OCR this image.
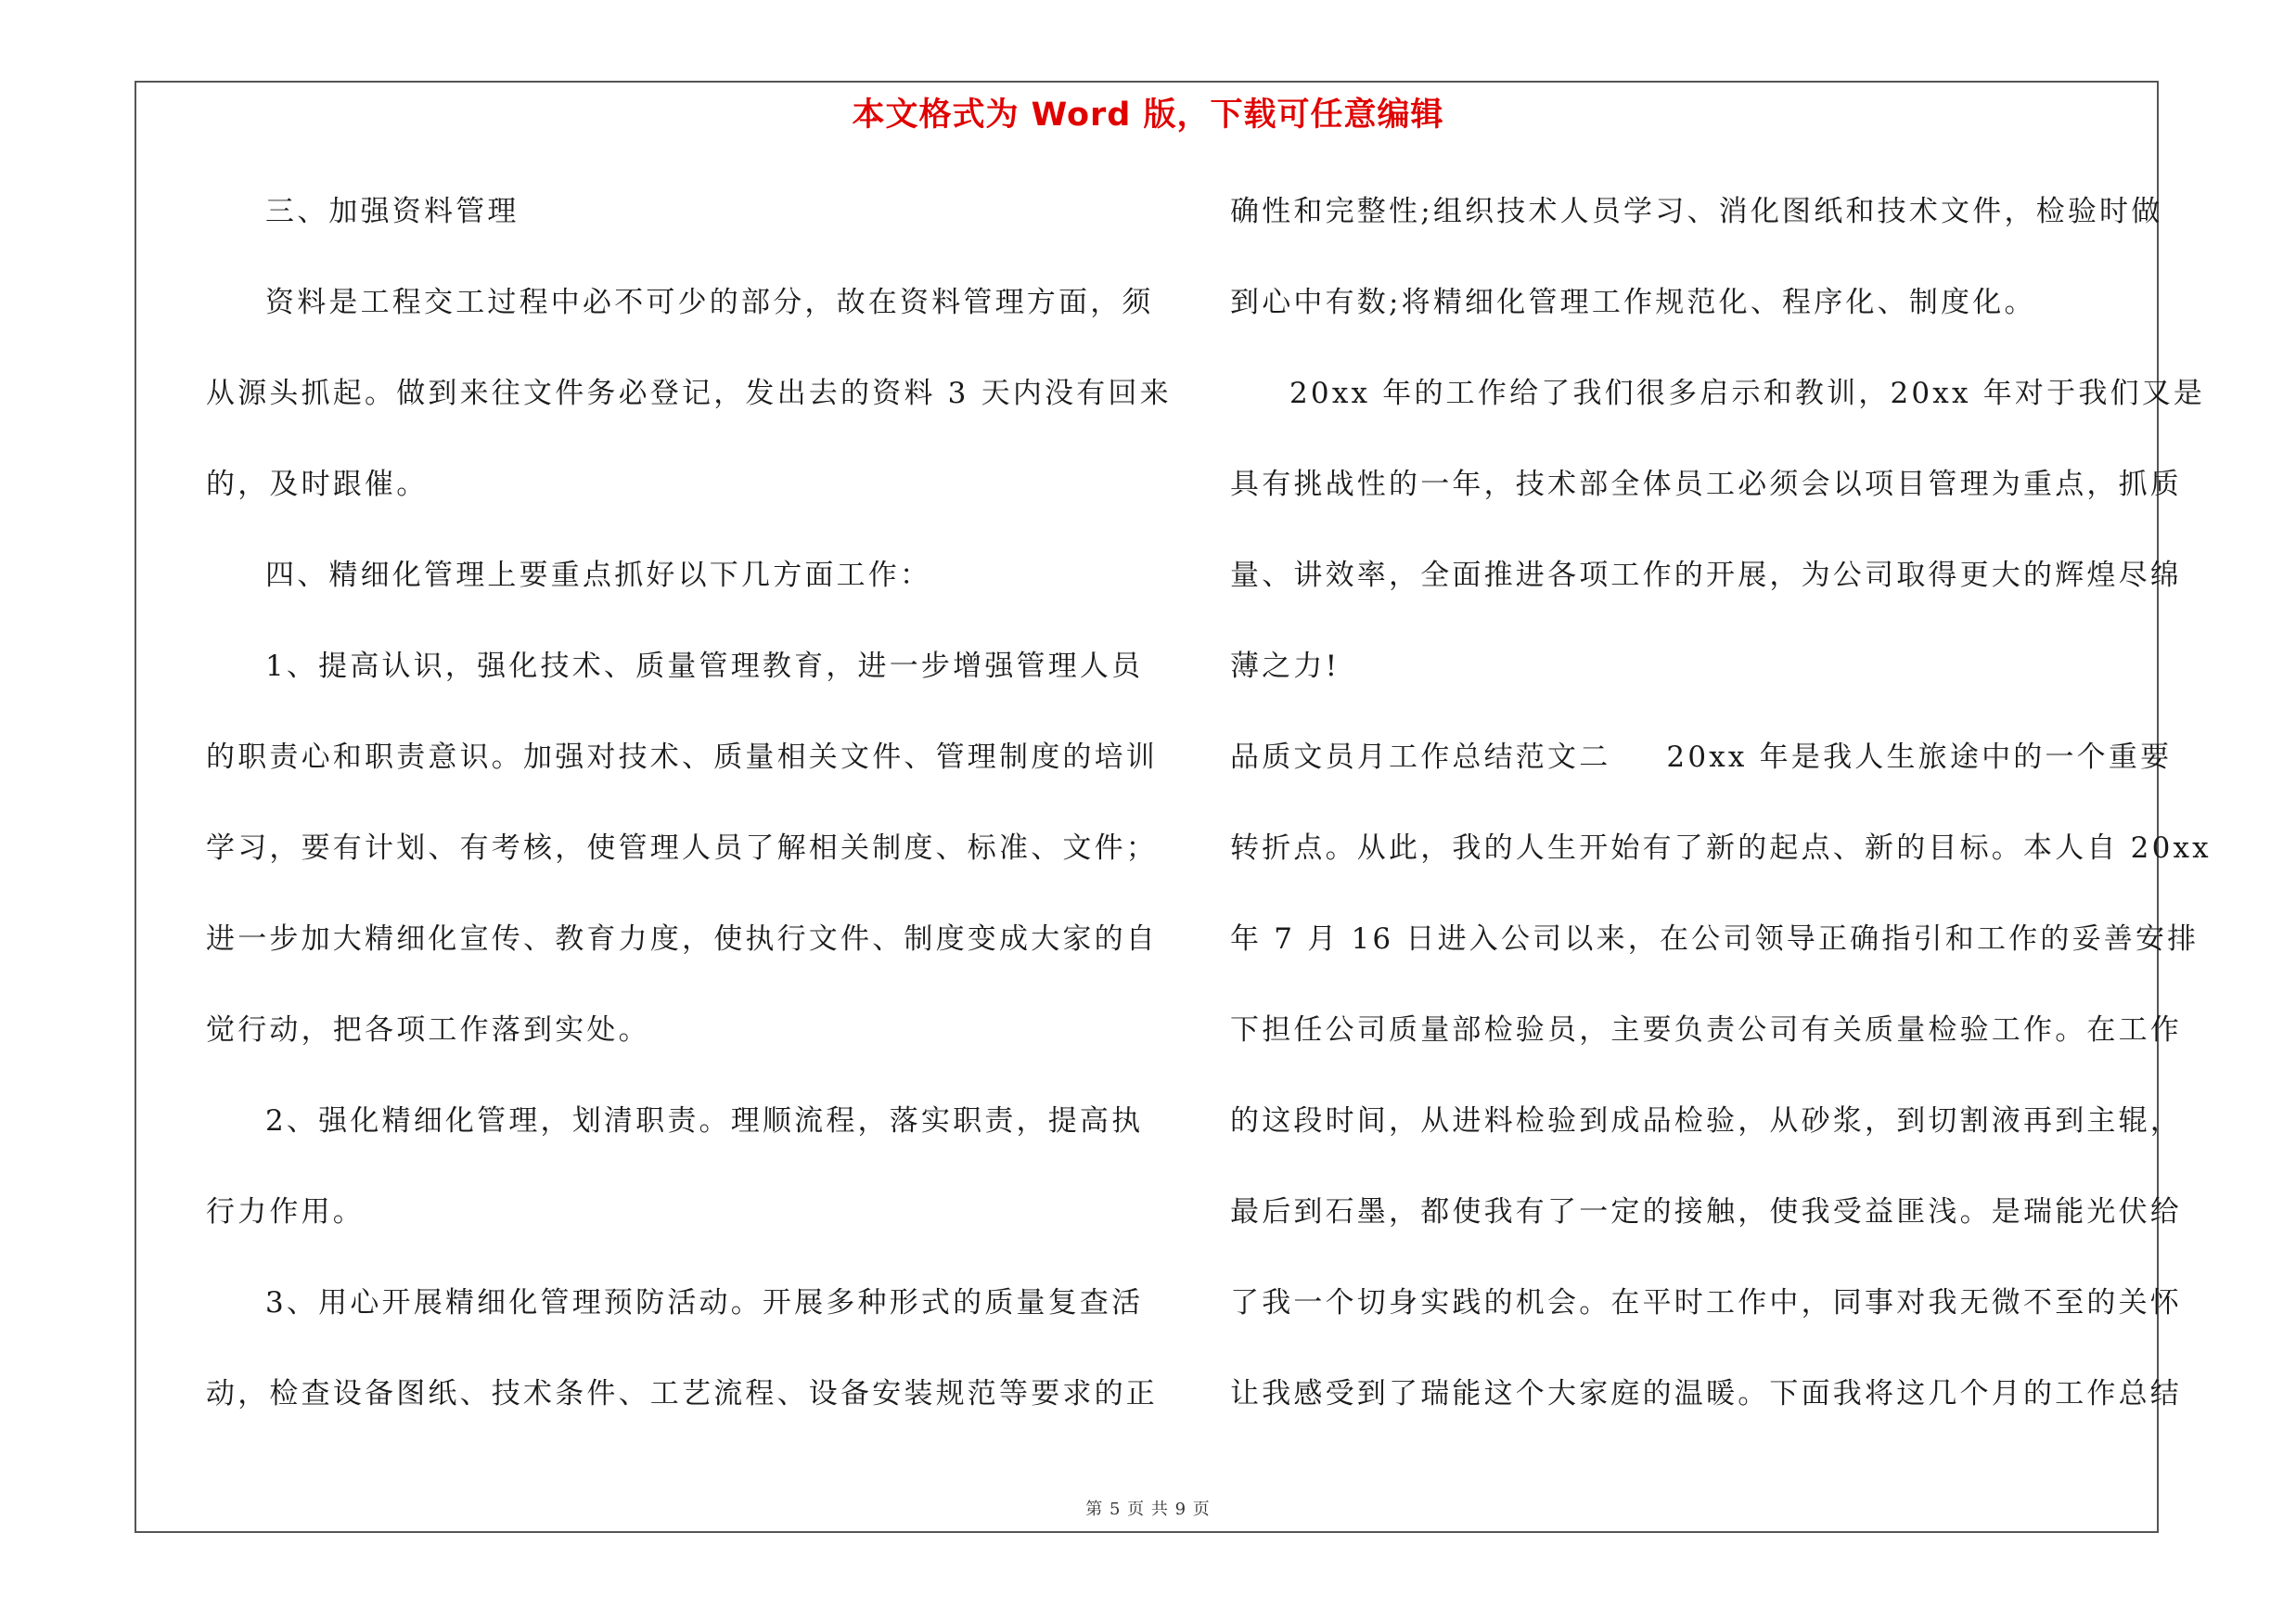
本文格式为 Word 版，下载可任意编辑
三、加强资料管理
资料是工程交工过程中必不可少的部分，故在资料管理方面，须
从源头抓起。做到来往文件务必登记，发出去的资料 3 天内没有回来
的，及时跟催。
四、精细化管理上要重点抓好以下几方面工作：
1、提高认识，强化技术、质量管理教育，进一步增强管理人员
的职责心和职责意识。加强对技术、质量相关文件、管理制度的培训
学习，要有计划、有考核，使管理人员了解相关制度、标准、文件；
进一步加大精细化宣传、教育力度，使执行文件、制度变成大家的自
觉行动，把各项工作落到实处。
2、强化精细化管理，划清职责。理顺流程，落实职责，提高执
行力作用。
3、用心开展精细化管理预防活动。开展多种形式的质量复查活
动，检查设备图纸、技术条件、工艺流程、设备安装规范等要求的正
确性和完整性;组织技术人员学习、消化图纸和技术文件，检验时做
到心中有数;将精细化管理工作规范化、程序化、制度化。
20xx 年的工作给了我们很多启示和教训，20xx 年对于我们又是
具有挑战性的一年，技术部全体员工必须会以项目管理为重点，抓质
量、讲效率，全面推进各项工作的开展，为公司取得更大的辉煌尽绵
薄之力!
品质文员月工作总结范文二 20xx 年是我人生旅途中的一个重要
转折点。从此，我的人生开始有了新的起点、新的目标。本人自 20xx
年 7 月 16 日进入公司以来，在公司领导正确指引和工作的妥善安排
下担任公司质量部检验员，主要负责公司有关质量检验工作。在工作
的这段时间，从进料检验到成品检验，从砂浆，到切割液再到主辊，
最后到石墨，都使我有了一定的接触，使我受益匪浅。是瑞能光伏给
了我一个切身实践的机会。在平时工作中，同事对我无微不至的关怀
让我感受到了瑞能这个大家庭的温暖。下面我将这几个月的工作总结
第 5 页 共 9 页
